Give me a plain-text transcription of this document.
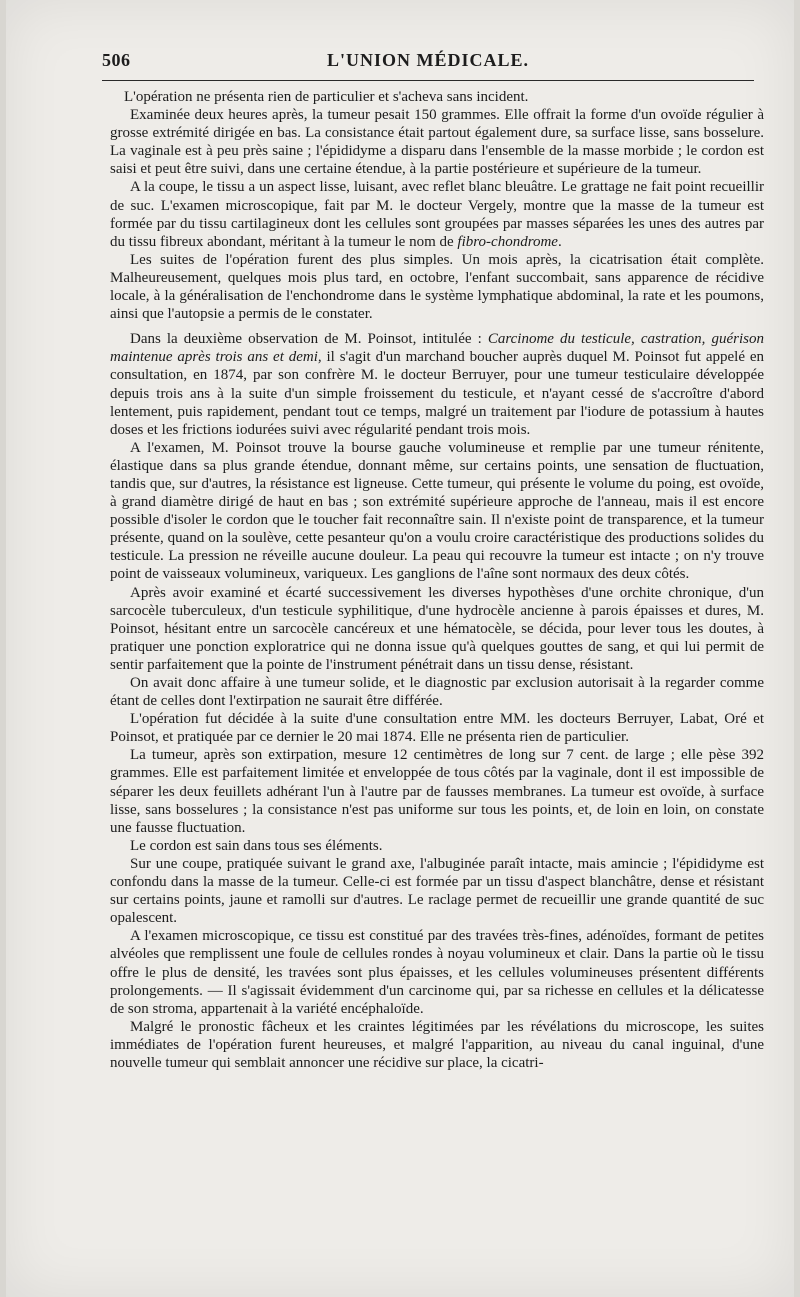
506	L'UNION MÉDICALE.

L'opération ne présenta rien de particulier et s'acheva sans incident.

Examinée deux heures après, la tumeur pesait 150 grammes. Elle offrait la forme d'un ovoïde régulier à grosse extrémité dirigée en bas. La consistance était partout également dure, sa surface lisse, sans bosselure. La vaginale est à peu près saine ; l'épididyme a disparu dans l'ensemble de la masse morbide ; le cordon est saisi et peut être suivi, dans une certaine étendue, à la partie postérieure et supérieure de la tumeur.

A la coupe, le tissu a un aspect lisse, luisant, avec reflet blanc bleuâtre. Le grattage ne fait point recueillir de suc. L'examen microscopique, fait par M. le docteur Vergely, montre que la masse de la tumeur est formée par du tissu cartilagineux dont les cellules sont groupées par masses séparées les unes des autres par du tissu fibreux abondant, méritant à la tumeur le nom de fibro-chondrome.

Les suites de l'opération furent des plus simples. Un mois après, la cicatrisation était complète. Malheureusement, quelques mois plus tard, en octobre, l'enfant succombait, sans apparence de récidive locale, à la généralisation de l'enchondrome dans le système lymphatique abdominal, la rate et les poumons, ainsi que l'autopsie a permis de le constater.

Dans la deuxième observation de M. Poinsot, intitulée : Carcinome du testicule, castration, guérison maintenue après trois ans et demi, il s'agit d'un marchand boucher auprès duquel M. Poinsot fut appelé en consultation, en 1874, par son confrère M. le docteur Berruyer, pour une tumeur testiculaire développée depuis trois ans à la suite d'un simple froissement du testicule, et n'ayant cessé de s'accroître d'abord lentement, puis rapidement, pendant tout ce temps, malgré un traitement par l'iodure de potassium à hautes doses et les frictions iodurées suivi avec régularité pendant trois mois.

A l'examen, M. Poinsot trouve la bourse gauche volumineuse et remplie par une tumeur rénitente, élastique dans sa plus grande étendue, donnant même, sur certains points, une sensation de fluctuation, tandis que, sur d'autres, la résistance est ligneuse. Cette tumeur, qui présente le volume du poing, est ovoïde, à grand diamètre dirigé de haut en bas ; son extrémité supérieure approche de l'anneau, mais il est encore possible d'isoler le cordon que le toucher fait reconnaître sain. Il n'existe point de transparence, et la tumeur présente, quand on la soulève, cette pesanteur qu'on a voulu croire caractéristique des productions solides du testicule. La pression ne réveille aucune douleur. La peau qui recouvre la tumeur est intacte ; on n'y trouve point de vaisseaux volumineux, variqueux. Les ganglions de l'aîne sont normaux des deux côtés.

Après avoir examiné et écarté successivement les diverses hypothèses d'une orchite chronique, d'un sarcocèle tuberculeux, d'un testicule syphilitique, d'une hydrocèle ancienne à parois épaisses et dures, M. Poinsot, hésitant entre un sarcocèle cancéreux et une hématocèle, se décida, pour lever tous les doutes, à pratiquer une ponction exploratrice qui ne donna issue qu'à quelques gouttes de sang, et qui lui permit de sentir parfaitement que la pointe de l'instrument pénétrait dans un tissu dense, résistant.

On avait donc affaire à une tumeur solide, et le diagnostic par exclusion autorisait à la regarder comme étant de celles dont l'extirpation ne saurait être différée.

L'opération fut décidée à la suite d'une consultation entre MM. les docteurs Berruyer, Labat, Oré et Poinsot, et pratiquée par ce dernier le 20 mai 1874. Elle ne présenta rien de particulier.

La tumeur, après son extirpation, mesure 12 centimètres de long sur 7 cent. de large ; elle pèse 392 grammes. Elle est parfaitement limitée et enveloppée de tous côtés par la vaginale, dont il est impossible de séparer les deux feuillets adhérant l'un à l'autre par de fausses membranes. La tumeur est ovoïde, à surface lisse, sans bosselures ; la consistance n'est pas uniforme sur tous les points, et, de loin en loin, on constate une fausse fluctuation.

Le cordon est sain dans tous ses éléments.

Sur une coupe, pratiquée suivant le grand axe, l'albuginée paraît intacte, mais amincie ; l'épididyme est confondu dans la masse de la tumeur. Celle-ci est formée par un tissu d'aspect blanchâtre, dense et résistant sur certains points, jaune et ramolli sur d'autres. Le raclage permet de recueillir une grande quantité de suc opalescent.

A l'examen microscopique, ce tissu est constitué par des travées très-fines, adénoïdes, formant de petites alvéoles que remplissent une foule de cellules rondes à noyau volumineux et clair. Dans la partie où le tissu offre le plus de densité, les travées sont plus épaisses, et les cellules volumineuses présentent différents prolongements. — Il s'agissait évidemment d'un carcinome qui, par sa richesse en cellules et la délicatesse de son stroma, appartenait à la variété encéphaloïde.

Malgré le pronostic fâcheux et les craintes légitimées par les révélations du microscope, les suites immédiates de l'opération furent heureuses, et malgré l'apparition, au niveau du canal inguinal, d'une nouvelle tumeur qui semblait annoncer une récidive sur place, la cicatri-
